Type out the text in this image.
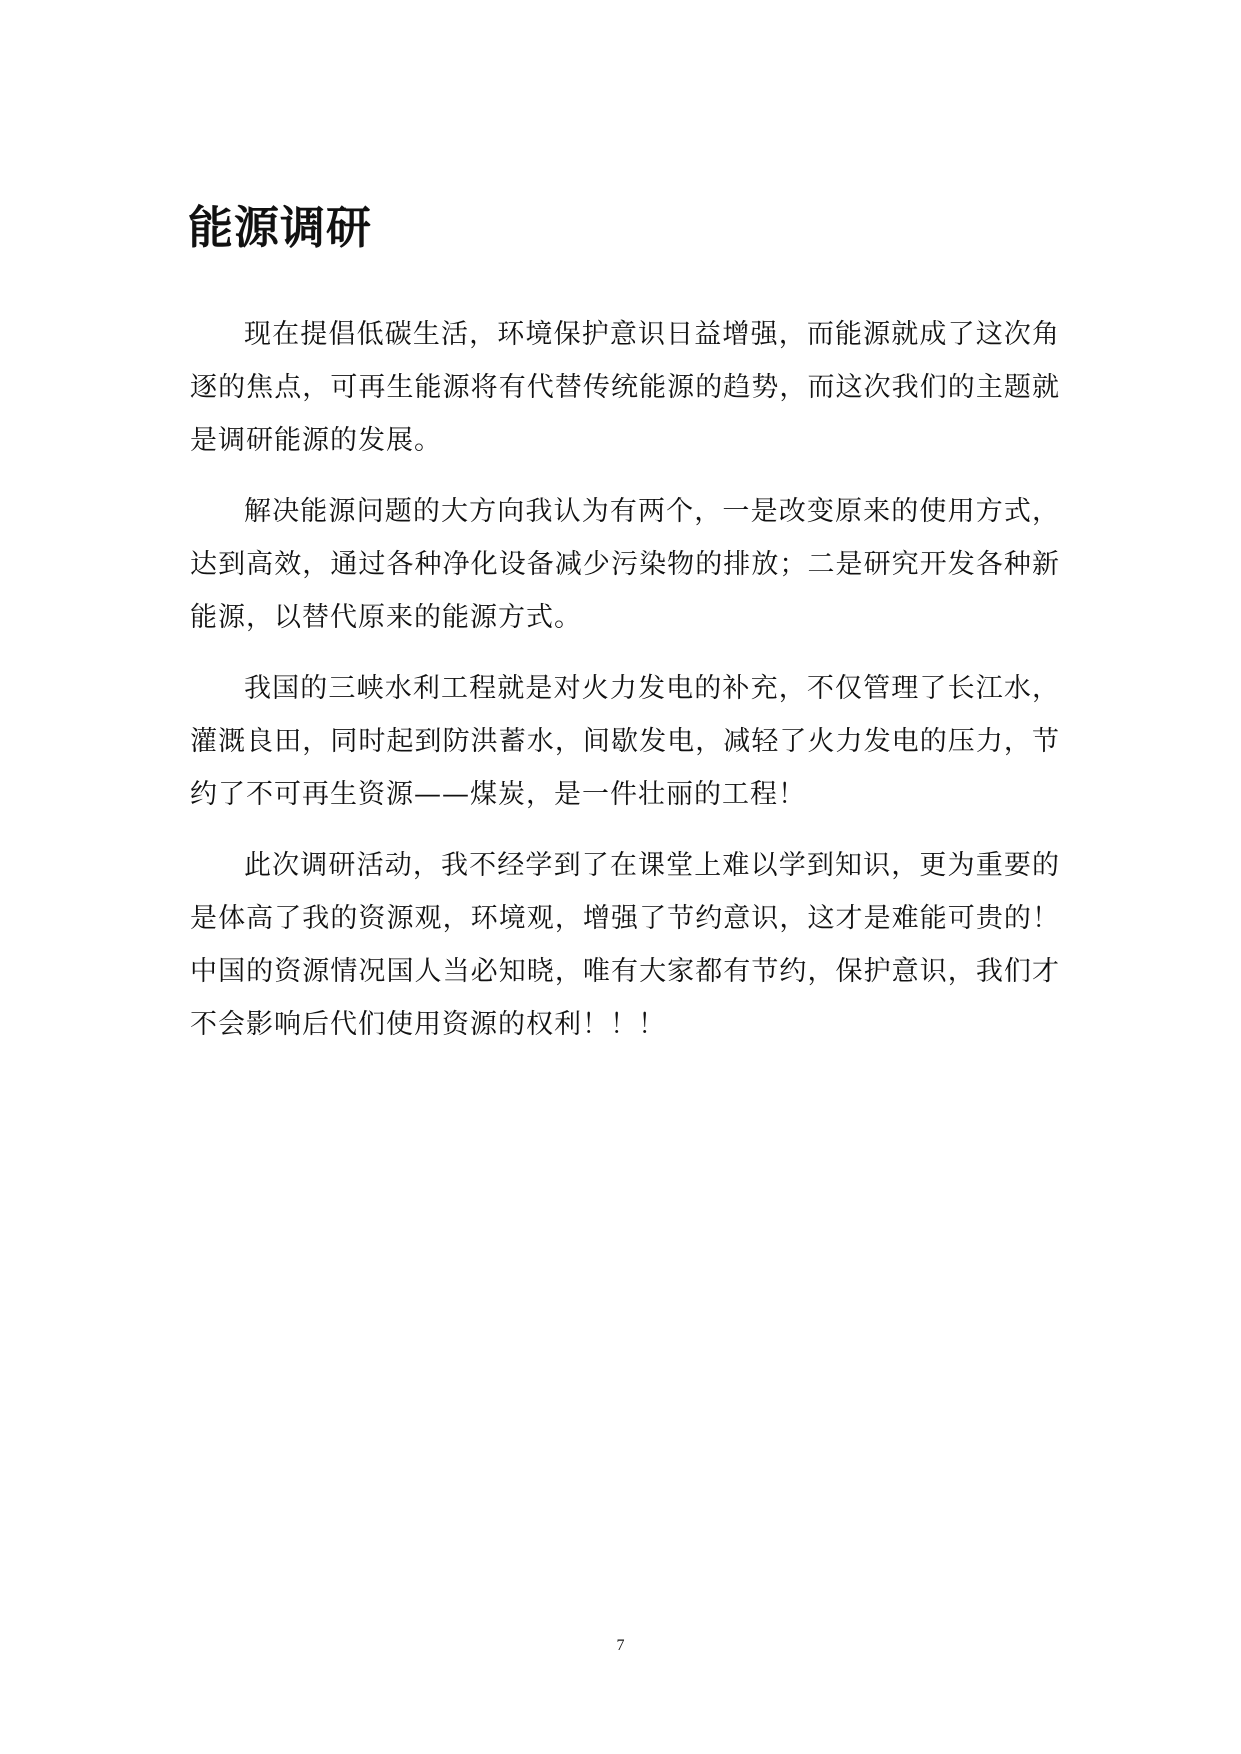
能源调研

现在提倡低碳生活，环境保护意识日益增强，而能源就成了这次角逐的焦点，可再生能源将有代替传统能源的趋势，而这次我们的主题就是调研能源的发展。

解决能源问题的大方向我认为有两个，一是改变原来的使用方式，达到高效，通过各种净化设备减少污染物的排放；二是研究开发各种新能源，以替代原来的能源方式。

我国的三峡水利工程就是对火力发电的补充，不仅管理了长江水，灌溉良田，同时起到防洪蓄水，间歇发电，减轻了火力发电的压力，节约了不可再生资源——煤炭，是一件壮丽的工程！

此次调研活动，我不经学到了在课堂上难以学到知识，更为重要的是体高了我的资源观，环境观，增强了节约意识，这才是难能可贵的！中国的资源情况国人当必知晓，唯有大家都有节约，保护意识，我们才不会影响后代们使用资源的权利！！！

7
